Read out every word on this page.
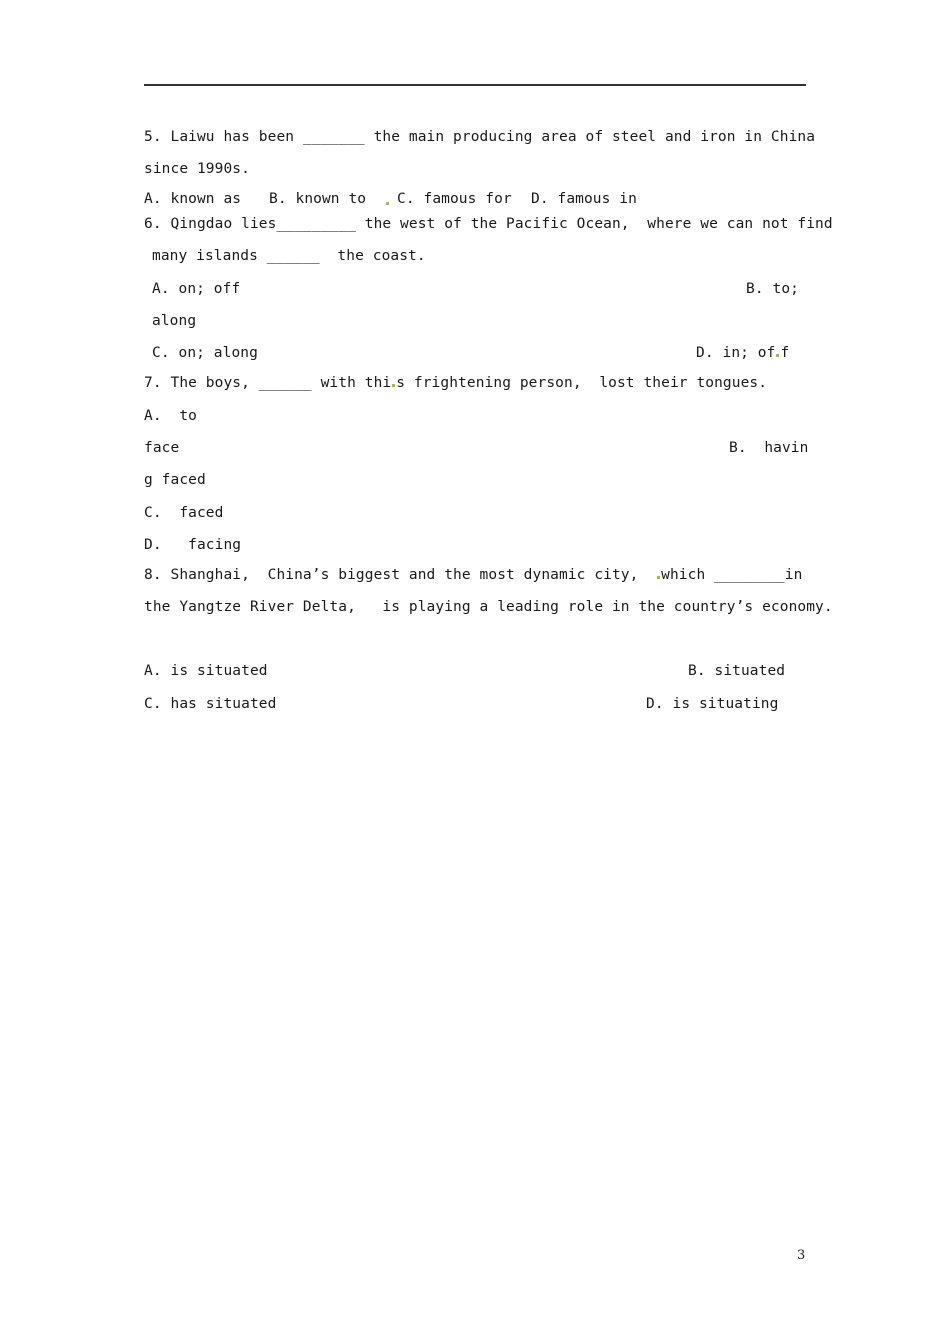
5. Laiwu has been _______ the main producing area of steel and iron in China
since 1990s.
A. known as B. known to C. famous for D. famous in
6. Qingdao lies_________ the west of the Pacific Ocean,  where we can not find
many islands ______  the coast.
A. on; off	B. to;
along
C. on; along	D. in; of f
7. The boys, ______ with thi s frightening person,  lost their tongues.
A.  to
face	B.  havin
g faced
C.  faced
D.   facing
8. Shanghai,  China’s biggest and the most dynamic city,  which ________in
the Yangtze River Delta,   is playing a leading role in the country’s economy.
A. is situated	B. situated
C. has situated	D. is situating
3
